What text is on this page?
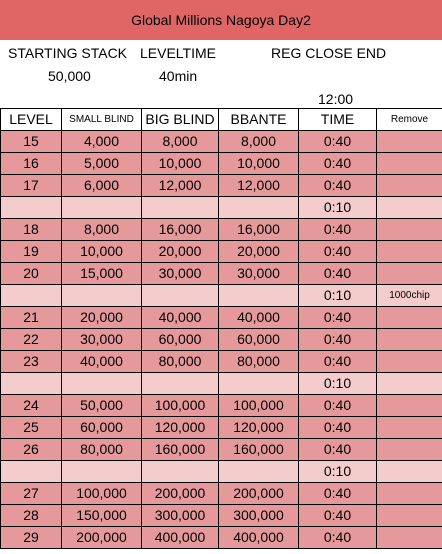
Global Millions Nagoya Day2
STARTING STACK
50,000
LEVELTIME
40min
REG CLOSE END
12:00
LEVEL	SMALL BLIND	BIG BLIND	BBANTE	TIME	Remove
15	4,000	8,000	8,000	0:40	
16	5,000	10,000	10,000	0:40	
17	6,000	12,000	12,000	0:40	
				0:10	
18	8,000	16,000	16,000	0:40	
19	10,000	20,000	20,000	0:40	
20	15,000	30,000	30,000	0:40	
				0:10	1000chip
21	20,000	40,000	40,000	0:40	
22	30,000	60,000	60,000	0:40	
23	40,000	80,000	80,000	0:40	
				0:10	
24	50,000	100,000	100,000	0:40	
25	60,000	120,000	120,000	0:40	
26	80,000	160,000	160,000	0:40	
				0:10	
27	100,000	200,000	200,000	0:40	
28	150,000	300,000	300,000	0:40	
29	200,000	400,000	400,000	0:40	
